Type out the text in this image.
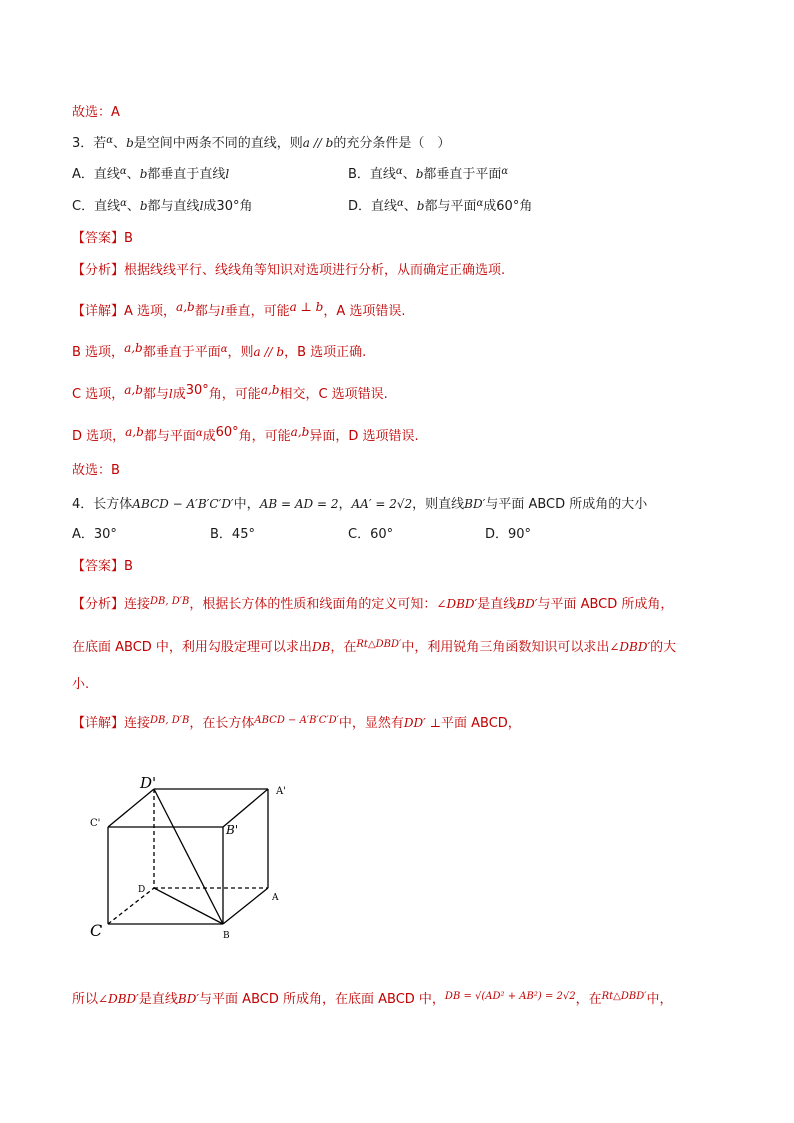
故选：A
3．若$^\alpha$、b是空间中两条不同的直线，则a // b的充分条件是（　）
A．直线$^\alpha$、b都垂直于直线l	B．直线$^\alpha$、b都垂直于平面$^\alpha$
C．直线$^\alpha$、b都与直线l成30°角	D．直线$^\alpha$、b都与平面$^\alpha$成60°角
【答案】B
【分析】根据线线平行、线线角等知识对选项进行分析，从而确定正确选项.
【详解】A 选项，a,b都与l垂直，可能a ⊥ b，A 选项错误.
B 选项，a,b都垂直于平面$^\alpha$，则a // b，B 选项正确.
C 选项，a,b都与l成30°角，可能a,b相交，C 选项错误.
D 选项，a,b都与平面$^\alpha$成60°角，可能a,b异面，D 选项错误.
故选：B
4．长方体ABCD − A′B′C′D′中，AB = AD = 2，AA′ = 2√2，则直线BD′与平面 ABCD 所成角的大小
A．30°	B．45°	C．60°	D．90°
【答案】B
【分析】连接$^{DB, D'B}$，根据长方体的性质和线面角的定义可知：∠DBD′是直线BD′与平面 ABCD 所成角，
在底面 ABCD 中，利用勾股定理可以求出DB，在$^{Rt\triangle DBD'}$中，利用锐角三角函数知识可以求出∠DBD′的大
小.
【详解】连接$^{DB, D'B}$，在长方体$^{ABCD - A'B'C'D'}$中，显然有DD′ ⊥平面 ABCD，
D'	A'
C'	B'
D
A
C	B
所以∠DBD′是直线BD′与平面 ABCD 所成角，在底面 ABCD 中，$^{DB = √(AD^2 + AB^2) = 2√2}$，在$^{Rt\triangle DBD'}$中，
